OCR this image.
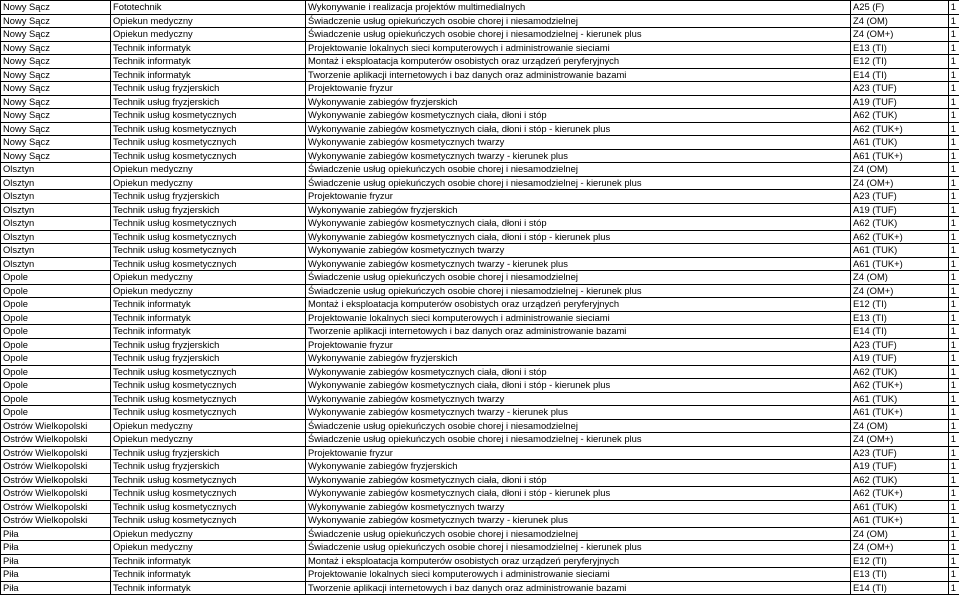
Nowy Sącz	Fototechnik	Wykonywanie i realizacja projektów multimedialnych	A25 (F)	1
Nowy Sącz	Opiekun medyczny	Świadczenie usług opiekuńczych osobie chorej i niesamodzielnej	Z4 (OM)	1
Nowy Sącz	Opiekun medyczny	Świadczenie usług opiekuńczych osobie chorej i niesamodzielnej - kierunek plus	Z4 (OM+)	1
Nowy Sącz	Technik informatyk	Projektowanie lokalnych sieci komputerowych i administrowanie sieciami	E13 (TI)	1
Nowy Sącz	Technik informatyk	Montaż i eksploatacja komputerów osobistych oraz urządzeń peryferyjnych	E12 (TI)	1
Nowy Sącz	Technik informatyk	Tworzenie aplikacji internetowych i baz danych oraz administrowanie bazami	E14 (TI)	1
Nowy Sącz	Technik usług fryzjerskich	Projektowanie fryzur	A23 (TUF)	1
Nowy Sącz	Technik usług fryzjerskich	Wykonywanie zabiegów fryzjerskich	A19 (TUF)	1
Nowy Sącz	Technik usług kosmetycznych	Wykonywanie zabiegów kosmetycznych ciała, dłoni i stóp	A62 (TUK)	1
Nowy Sącz	Technik usług kosmetycznych	Wykonywanie zabiegów kosmetycznych ciała, dłoni i stóp - kierunek plus	A62 (TUK+)	1
Nowy Sącz	Technik usług kosmetycznych	Wykonywanie zabiegów kosmetycznych twarzy	A61 (TUK)	1
Nowy Sącz	Technik usług kosmetycznych	Wykonywanie zabiegów kosmetycznych twarzy - kierunek plus	A61 (TUK+)	1
Olsztyn	Opiekun medyczny	Świadczenie usług opiekuńczych osobie chorej i niesamodzielnej	Z4 (OM)	1
Olsztyn	Opiekun medyczny	Świadczenie usług opiekuńczych osobie chorej i niesamodzielnej - kierunek plus	Z4 (OM+)	1
Olsztyn	Technik usług fryzjerskich	Projektowanie fryzur	A23 (TUF)	1
Olsztyn	Technik usług fryzjerskich	Wykonywanie zabiegów fryzjerskich	A19 (TUF)	1
Olsztyn	Technik usług kosmetycznych	Wykonywanie zabiegów kosmetycznych ciała, dłoni i stóp	A62 (TUK)	1
Olsztyn	Technik usług kosmetycznych	Wykonywanie zabiegów kosmetycznych ciała, dłoni i stóp - kierunek plus	A62 (TUK+)	1
Olsztyn	Technik usług kosmetycznych	Wykonywanie zabiegów kosmetycznych twarzy	A61 (TUK)	1
Olsztyn	Technik usług kosmetycznych	Wykonywanie zabiegów kosmetycznych twarzy - kierunek plus	A61 (TUK+)	1
Opole	Opiekun medyczny	Świadczenie usług opiekuńczych osobie chorej i niesamodzielnej	Z4 (OM)	1
Opole	Opiekun medyczny	Świadczenie usług opiekuńczych osobie chorej i niesamodzielnej - kierunek plus	Z4 (OM+)	1
Opole	Technik informatyk	Montaż i eksploatacja komputerów osobistych oraz urządzeń peryferyjnych	E12 (TI)	1
Opole	Technik informatyk	Projektowanie lokalnych sieci komputerowych i administrowanie sieciami	E13 (TI)	1
Opole	Technik informatyk	Tworzenie aplikacji internetowych i baz danych oraz administrowanie bazami	E14 (TI)	1
Opole	Technik usług fryzjerskich	Projektowanie fryzur	A23 (TUF)	1
Opole	Technik usług fryzjerskich	Wykonywanie zabiegów fryzjerskich	A19 (TUF)	1
Opole	Technik usług kosmetycznych	Wykonywanie zabiegów kosmetycznych ciała, dłoni i stóp	A62 (TUK)	1
Opole	Technik usług kosmetycznych	Wykonywanie zabiegów kosmetycznych ciała, dłoni i stóp - kierunek plus	A62 (TUK+)	1
Opole	Technik usług kosmetycznych	Wykonywanie zabiegów kosmetycznych twarzy	A61 (TUK)	1
Opole	Technik usług kosmetycznych	Wykonywanie zabiegów kosmetycznych twarzy - kierunek plus	A61 (TUK+)	1
Ostrów Wielkopolski	Opiekun medyczny	Świadczenie usług opiekuńczych osobie chorej i niesamodzielnej	Z4 (OM)	1
Ostrów Wielkopolski	Opiekun medyczny	Świadczenie usług opiekuńczych osobie chorej i niesamodzielnej - kierunek plus	Z4 (OM+)	1
Ostrów Wielkopolski	Technik usług fryzjerskich	Projektowanie fryzur	A23 (TUF)	1
Ostrów Wielkopolski	Technik usług fryzjerskich	Wykonywanie zabiegów fryzjerskich	A19 (TUF)	1
Ostrów Wielkopolski	Technik usług kosmetycznych	Wykonywanie zabiegów kosmetycznych ciała, dłoni i stóp	A62 (TUK)	1
Ostrów Wielkopolski	Technik usług kosmetycznych	Wykonywanie zabiegów kosmetycznych ciała, dłoni i stóp - kierunek plus	A62 (TUK+)	1
Ostrów Wielkopolski	Technik usług kosmetycznych	Wykonywanie zabiegów kosmetycznych twarzy	A61 (TUK)	1
Ostrów Wielkopolski	Technik usług kosmetycznych	Wykonywanie zabiegów kosmetycznych twarzy - kierunek plus	A61 (TUK+)	1
Piła	Opiekun medyczny	Świadczenie usług opiekuńczych osobie chorej i niesamodzielnej	Z4 (OM)	1
Piła	Opiekun medyczny	Świadczenie usług opiekuńczych osobie chorej i niesamodzielnej - kierunek plus	Z4 (OM+)	1
Piła	Technik informatyk	Montaż i eksploatacja komputerów osobistych oraz urządzeń peryferyjnych	E12 (TI)	1
Piła	Technik informatyk	Projektowanie lokalnych sieci komputerowych i administrowanie sieciami	E13 (TI)	1
Piła	Technik informatyk	Tworzenie aplikacji internetowych i baz danych oraz administrowanie bazami	E14 (TI)	1
